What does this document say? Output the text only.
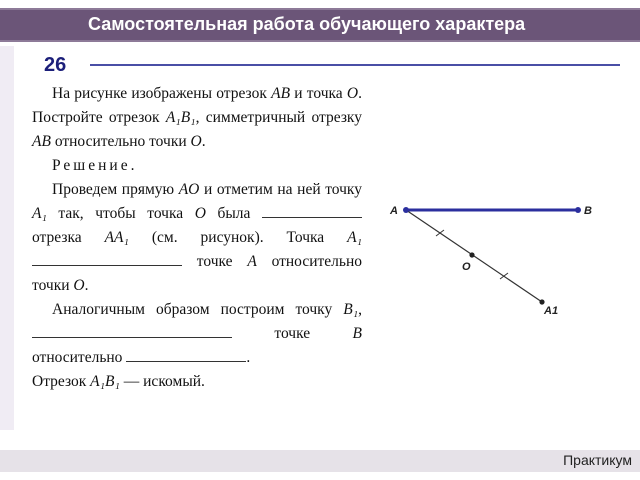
Самостоятельная работа обучающего характера
26

На рисунке изображены отрезок AB и точка O. Постройте отрезок A₁B₁, симметричный отрезку AB относительно точки O.

Решение.

Проведем прямую AO и отметим на ней точку A₁ так, чтобы точка O была  отрезка AA₁ (см. рисунок). Точка A₁  точке A относительно точки O.

Аналогичным образом построим точку B₁,  точке B относительно	.

Отрезок A₁B₁ — искомый.

A	B
O
A1
Практикум
